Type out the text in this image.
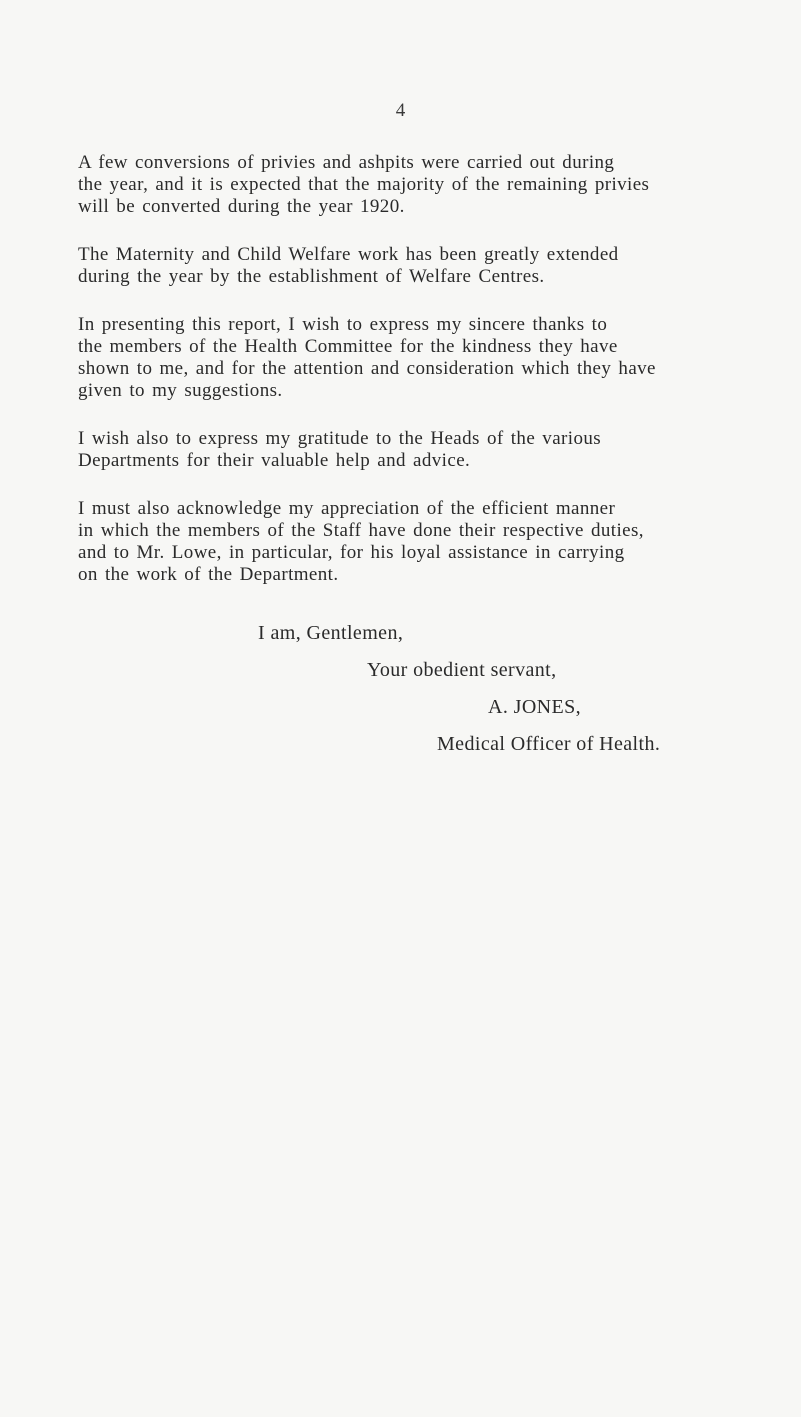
4

A few conversions of privies and ashpits were carried out during
the year, and it is expected that the majority of the remaining privies
will be converted during the year 1920.

The Maternity and Child Welfare work has been greatly extended
during the year by the establishment of Welfare Centres.

In presenting this report, I wish to express my sincere thanks to
the members of the Health Committee for the kindness they have
shown to me, and for the attention and consideration which they have
given to my suggestions.

I wish also to express my gratitude to the Heads of the various
Departments for their valuable help and advice.

I must also acknowledge my appreciation of the efficient manner
in which the members of the Staff have done their respective duties,
and to Mr. Lowe, in particular, for his loyal assistance in carrying
on the work of the Department.

I am, Gentlemen,
Your obedient servant,
A. JONES,
Medical Officer of Health.
